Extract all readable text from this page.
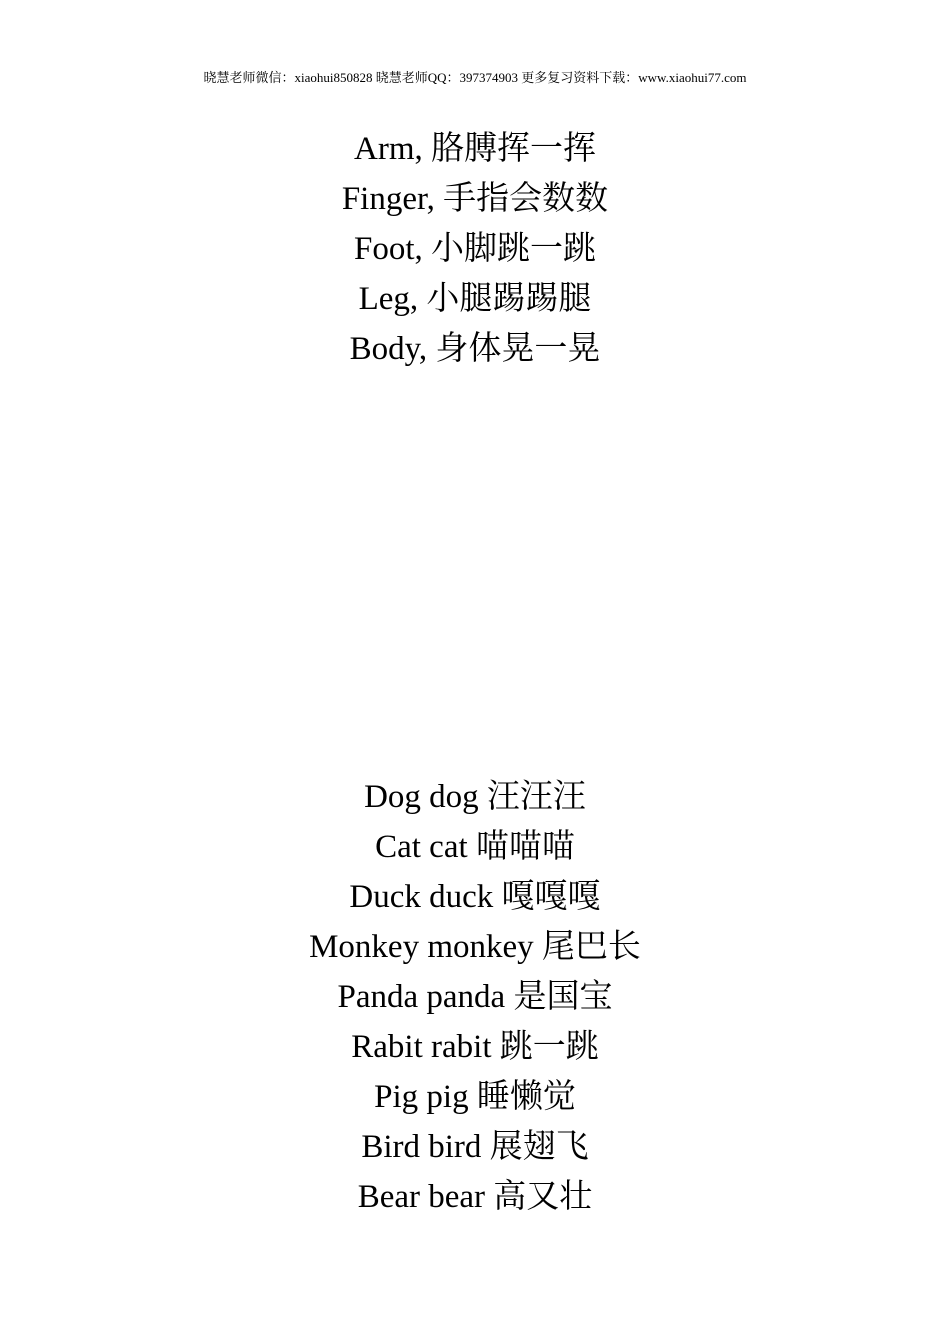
晓慧老师微信：xiaohui850828 晓慧老师QQ：397374903 更多复习资料下载：www.xiaohui77.com
Arm, 胳膊挥一挥
Finger, 手指会数数
Foot, 小脚跳一跳
Leg, 小腿踢踢腿
Body, 身体晃一晃
Dog dog 汪汪汪
Cat cat 喵喵喵
Duck duck 嘎嘎嘎
Monkey monkey 尾巴长
Panda panda 是国宝
Rabit rabit 跳一跳
Pig pig 睡懒觉
Bird bird 展翅飞
Bear bear 高又壮
